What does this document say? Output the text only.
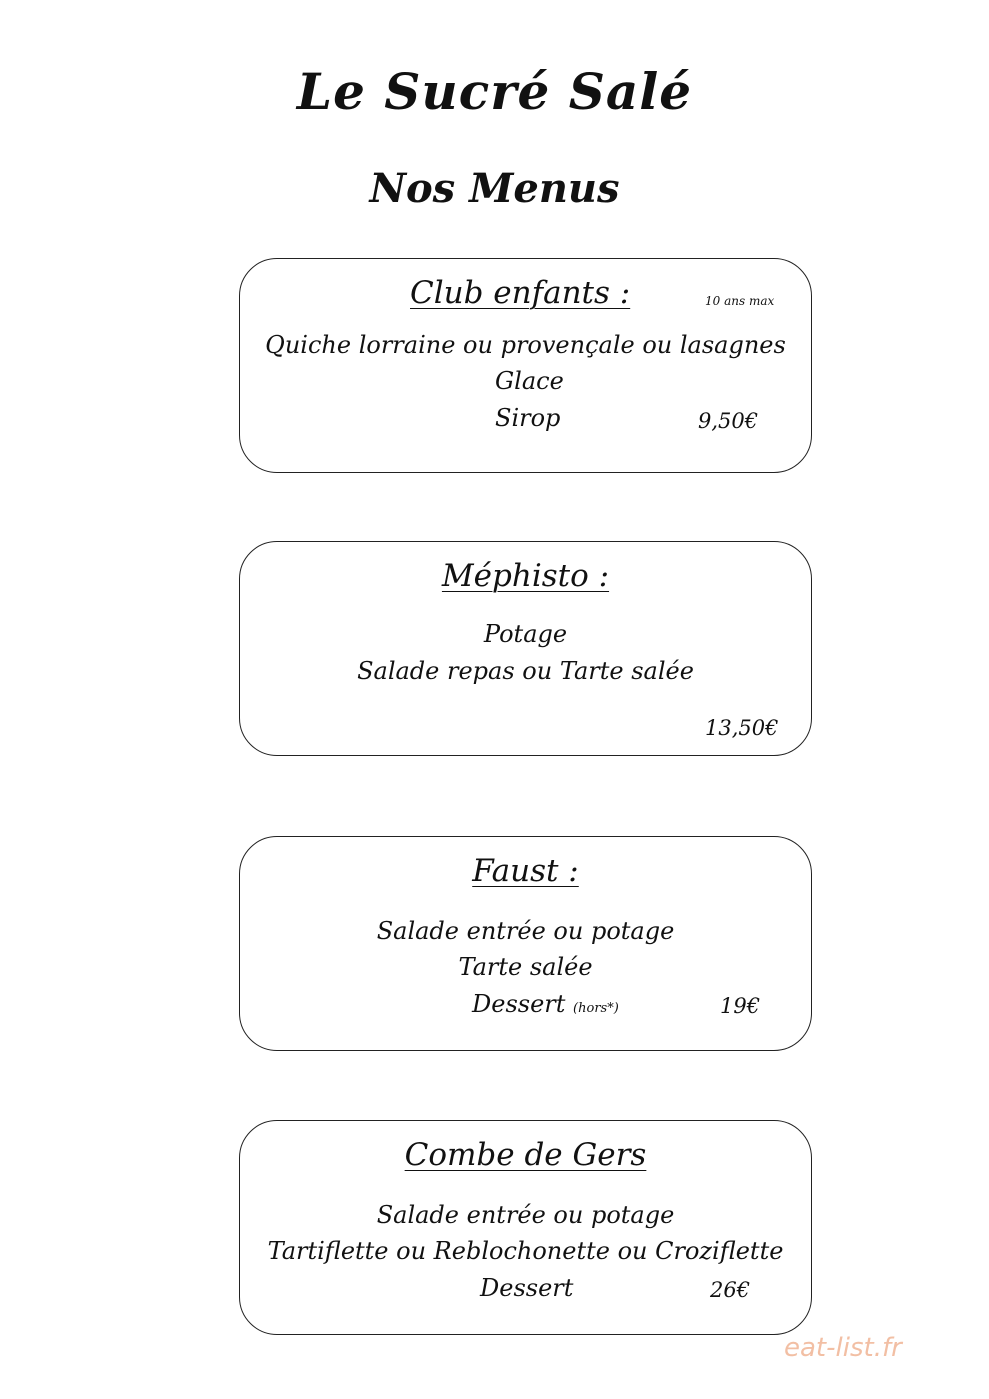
Le Sucré Salé
Nos Menus
Club enfants :	10 ans max
Quiche lorraine ou provençale ou lasagnes
Glace
Sirop	9,50€
Méphisto :
Potage
Salade repas ou Tarte salée
13,50€
Faust :
Salade entrée ou potage
Tarte salée
Dessert (hors*)	19€
Combe de Gers
Salade entrée ou potage
Tartiflette ou Reblochonette ou Croziflette
Dessert	26€
eat-list.fr
